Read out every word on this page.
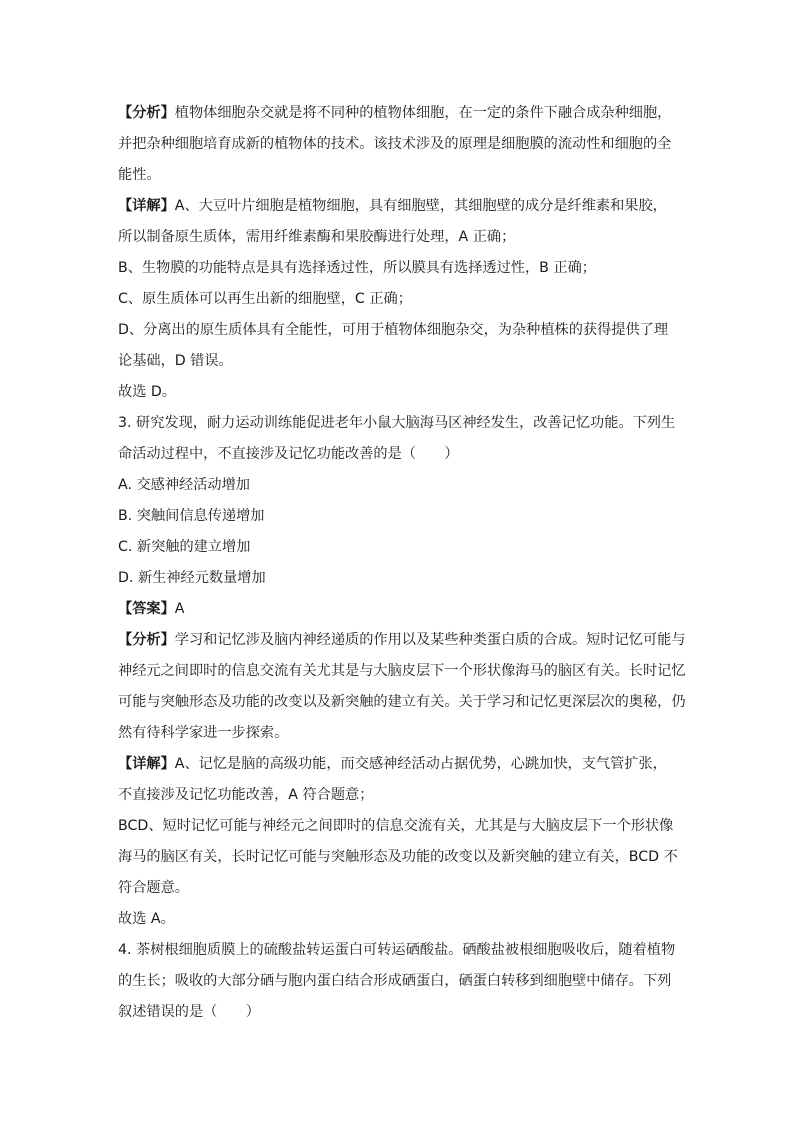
【分析】植物体细胞杂交就是将不同种的植物体细胞，在一定的条件下融合成杂种细胞，
并把杂种细胞培育成新的植物体的技术。该技术涉及的原理是细胞膜的流动性和细胞的全
能性。
【详解】A、大豆叶片细胞是植物细胞，具有细胞壁，其细胞壁的成分是纤维素和果胶，
所以制备原生质体，需用纤维素酶和果胶酶进行处理，A 正确；
B、生物膜的功能特点是具有选择透过性，所以膜具有选择透过性，B 正确；
C、原生质体可以再生出新的细胞壁，C 正确；
D、分离出的原生质体具有全能性，可用于植物体细胞杂交，为杂种植株的获得提供了理
论基础，D 错误。
故选 D。
3. 研究发现，耐力运动训练能促进老年小鼠大脑海马区神经发生，改善记忆功能。下列生
命活动过程中，不直接涉及记忆功能改善的是（　　）
A. 交感神经活动增加
B. 突触间信息传递增加
C. 新突触的建立增加
D. 新生神经元数量增加
【答案】A
【分析】学习和记忆涉及脑内神经递质的作用以及某些种类蛋白质的合成。短时记忆可能与
神经元之间即时的信息交流有关尤其是与大脑皮层下一个形状像海马的脑区有关。长时记忆
可能与突触形态及功能的改变以及新突触的建立有关。关于学习和记忆更深层次的奥秘，仍
然有待科学家进一步探索。
【详解】A、记忆是脑的高级功能，而交感神经活动占据优势，心跳加快，支气管扩张，
不直接涉及记忆功能改善，A 符合题意；
BCD、短时记忆可能与神经元之间即时的信息交流有关，尤其是与大脑皮层下一个形状像
海马的脑区有关，长时记忆可能与突触形态及功能的改变以及新突触的建立有关，BCD 不
符合题意。
故选 A。
4. 茶树根细胞质膜上的硫酸盐转运蛋白可转运硒酸盐。硒酸盐被根细胞吸收后，随着植物
的生长；吸收的大部分硒与胞内蛋白结合形成硒蛋白，硒蛋白转移到细胞壁中储存。下列
叙述错误的是（　　）
